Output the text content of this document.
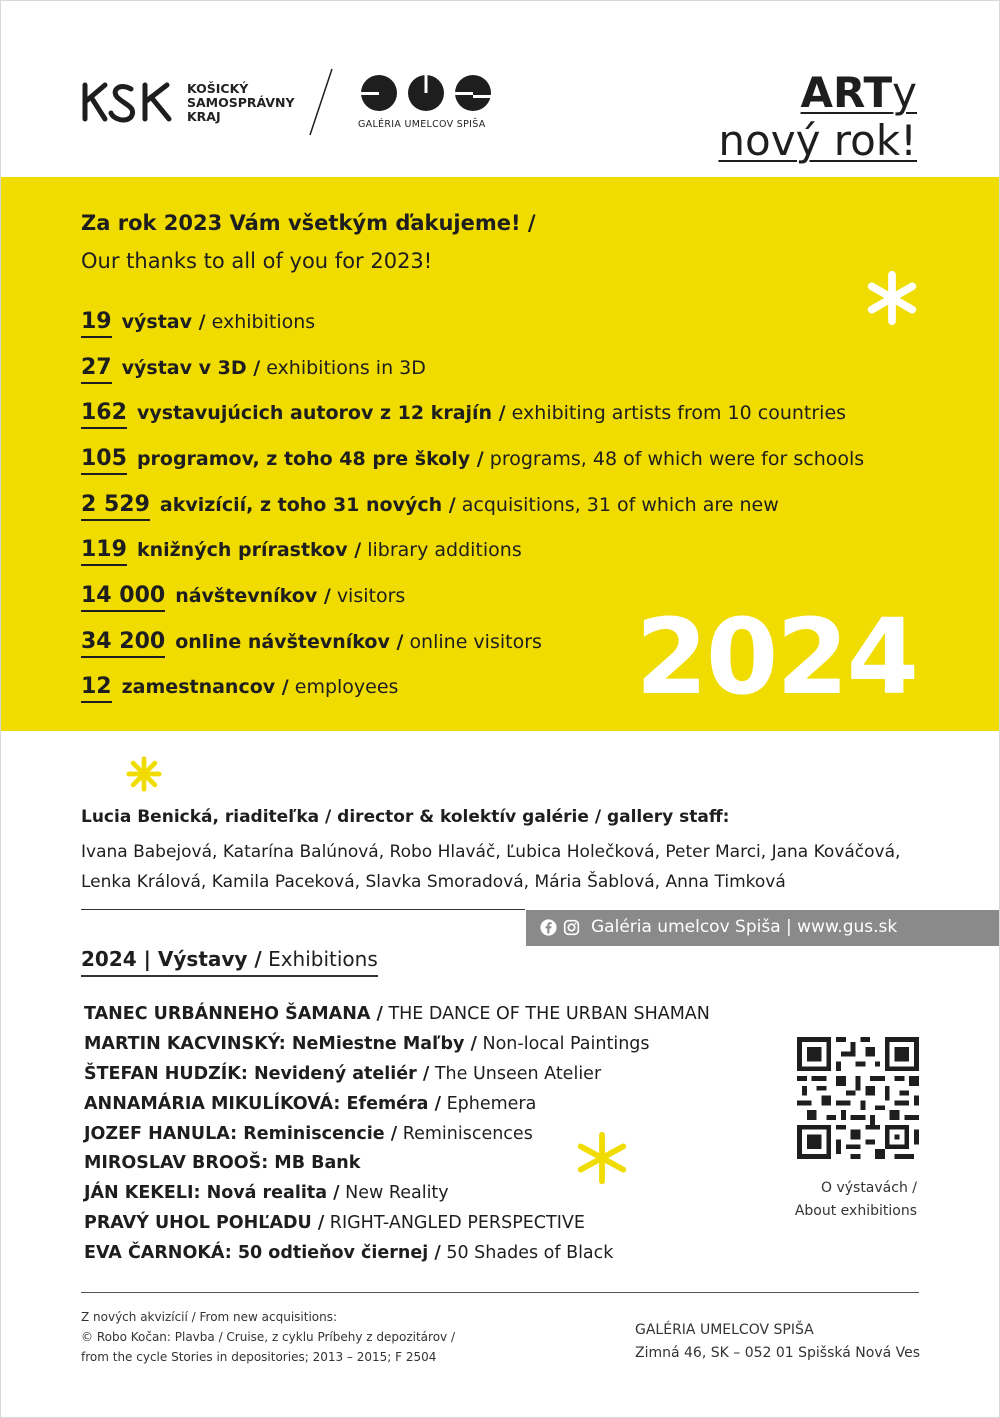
KOŠICKÝ
SAMOSPRÁVNY
KRAJ
GALÉRIA UMELCOV SPIŠA
ARTy
nový rok!
Za rok 2023 Vám všetkým ďakujeme! /
Our thanks to all of you for 2023!
19 výstav / exhibitions
27 výstav v 3D / exhibitions in 3D
162 vystavujúcich autorov z 12 krajín / exhibiting artists from 10 countries
105 programov, z toho 48 pre školy / programs, 48 of which were for schools
2 529 akvizícií, z toho 31 nových / acquisitions, 31 of which are new
119 knižných prírastkov / library additions
14 000 návštevníkov / visitors
34 200 online návštevníkov / online visitors
12 zamestnancov / employees 2024
Lucia Benická, riaditeľka / director & kolektív galérie / gallery staff:
Ivana Babejová, Katarína Balúnová, Robo Hlaváč, Ľubica Holečková, Peter Marci, Jana Kováčová,
Lenka Králová, Kamila Paceková, Slavka Smoradová, Mária Šablová, Anna Timková
Galéria umelcov Spiša | www.gus.sk
2024 | Výstavy / Exhibitions
TANEC URBÁNNEHO ŠAMANA / THE DANCE OF THE URBAN SHAMAN
MARTIN KACVINSKÝ: NeMiestne Maľby / Non-local Paintings
ŠTEFAN HUDZÍK: Nevidený ateliér / The Unseen Atelier
ANNAMÁRIA MIKULÍKOVÁ: Efeméra / Ephemera
JOZEF HANULA: Reminiscencie / Reminiscences
MIROSLAV BROOŠ: MB Bank
JÁN KEKELI: Nová realita / New Reality
PRAVÝ UHOL POHĽADU / RIGHT-ANGLED PERSPECTIVE
EVA ČARNOKÁ: 50 odtieňov čiernej / 50 Shades of Black
O výstavách /
About exhibitions
Z nových akvizícií / From new acquisitions:
© Robo Kočan: Plavba / Cruise, z cyklu Príbehy z depozitárov /
from the cycle Stories in depositories; 2013 – 2015; F 2504
GALÉRIA UMELCOV SPIŠA
Zimná 46, SK – 052 01 Spišská Nová Ves
